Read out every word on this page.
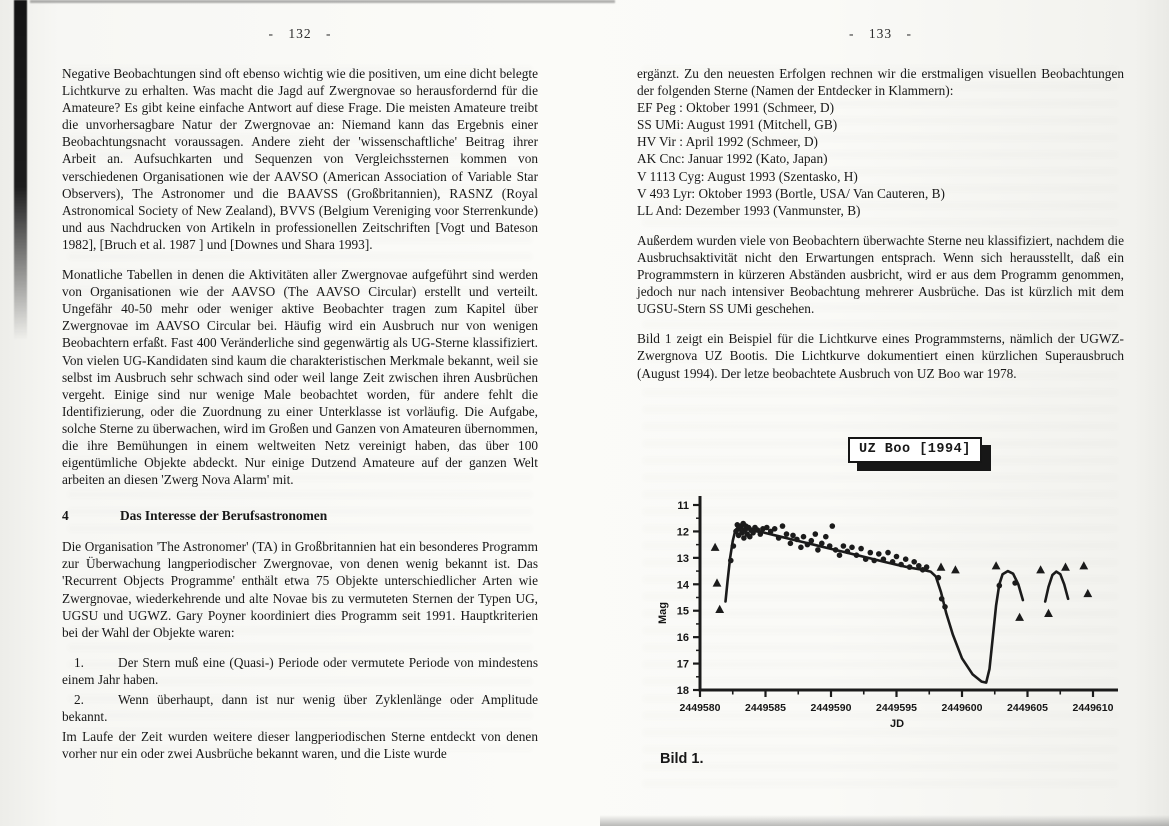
- 132 -

Negative Beobachtungen sind oft ebenso wichtig wie die positiven, um eine dicht belegte Lichtkurve zu erhalten. Was macht die Jagd auf Zwergnovae so herausfordernd für die Amateure? Es gibt keine einfache Antwort auf diese Frage. Die meisten Amateure treibt die unvorhersagbare Natur der Zwergnovae an: Niemand kann das Ergebnis einer Beobachtungsnacht voraussagen. Andere zieht der 'wissenschaftliche' Beitrag ihrer Arbeit an. Aufsuchkarten und Sequenzen von Vergleichssternen kommen von verschiedenen Organisationen wie der AAVSO (American Association of Variable Star Observers), The Astronomer und die BAAVSS (Großbritannien), RASNZ (Royal Astronomical Society of New Zealand), BVVS (Belgium Vereniging voor Sterrenkunde) und aus Nachdrucken von Artikeln in professionellen Zeitschriften [Vogt und Bateson 1982], [Bruch et al. 1987 ] und [Downes und Shara 1993].

Monatliche Tabellen in denen die Aktivitäten aller Zwergnovae aufgeführt sind werden von Organisationen wie der AAVSO (The AAVSO Circular) erstellt und verteilt. Ungefähr 40-50 mehr oder weniger aktive Beobachter tragen zum Kapitel über Zwergnovae im AAVSO Circular bei. Häufig wird ein Ausbruch nur von wenigen Beobachtern erfaßt. Fast 400 Veränderliche sind gegenwärtig als UG-Sterne klassifiziert. Von vielen UG-Kandidaten sind kaum die charakteristischen Merkmale bekannt, weil sie selbst im Ausbruch sehr schwach sind oder weil lange Zeit zwischen ihren Ausbrüchen vergeht. Einige sind nur wenige Male beobachtet worden, für andere fehlt die Identifizierung, oder die Zuordnung zu einer Unterklasse ist vorläufig. Die Aufgabe, solche Sterne zu überwachen, wird im Großen und Ganzen von Amateuren übernommen, die ihre Bemühungen in einem weltweiten Netz vereinigt haben, das über 100 eigentümliche Objekte abdeckt. Nur einige Dutzend Amateure auf der ganzen Welt arbeiten an diesen 'Zwerg Nova Alarm' mit.

4	Das Interesse der Berufsastronomen

Die Organisation 'The Astronomer' (TA) in Großbritannien hat ein besonderes Programm zur Überwachung langperiodischer Zwergnovae, von denen wenig bekannt ist. Das 'Recurrent Objects Programme' enthält etwa 75 Objekte unterschiedlicher Arten wie Zwergnovae, wiederkehrende und alte Novae bis zu vermuteten Sternen der Typen UG, UGSU und UGWZ. Gary Poyner koordiniert dies Programm seit 1991. Hauptkriterien bei der Wahl der Objekte waren:

1.	Der Stern muß eine (Quasi-) Periode oder vermutete Periode von mindestens einem Jahr haben.

2.	Wenn überhaupt, dann ist nur wenig über Zyklenlänge oder Amplitude bekannt.

Im Laufe der Zeit wurden weitere dieser langperiodischen Sterne entdeckt von denen vorher nur ein oder zwei Ausbrüche bekannt waren, und die Liste wurde

- 133 -

ergänzt. Zu den neuesten Erfolgen rechnen wir die erstmaligen visuellen Beobachtungen der folgenden Sterne (Namen der Entdecker in Klammern):

EF Peg : Oktober 1991 (Schmeer, D)
SS UMi: August 1991 (Mitchell, GB)
HV Vir : April 1992 (Schmeer, D)
AK Cnc: Januar 1992 (Kato, Japan)
V 1113 Cyg: August 1993 (Szentasko, H)
V 493 Lyr: Oktober 1993 (Bortle, USA/ Van Cauteren, B)
LL And: Dezember 1993 (Vanmunster, B)

Außerdem wurden viele von Beobachtern überwachte Sterne neu klassifiziert, nachdem die Ausbruchsaktivität nicht den Erwartungen entsprach. Wenn sich herausstellt, daß ein Programmstern in kürzeren Abständen ausbricht, wird er aus dem Programm genommen, jedoch nur nach intensiver Beobachtung mehrerer Ausbrüche. Das ist kürzlich mit dem UGSU-Stern SS UMi geschehen.

Bild 1 zeigt ein Beispiel für die Lichtkurve eines Programmsterns, nämlich der UGWZ-Zwergnova UZ Bootis. Die Lichtkurve dokumentiert einen kürzlichen Superausbruch (August 1994). Der letze beobachtete Ausbruch von UZ Boo war 1978.

UZ Boo [1994]
2449580 2449585 2449590 2449595 2449600 2449605 2449610
11
12
13
14
15
16
17
18
JD
Mag
Bild 1.
